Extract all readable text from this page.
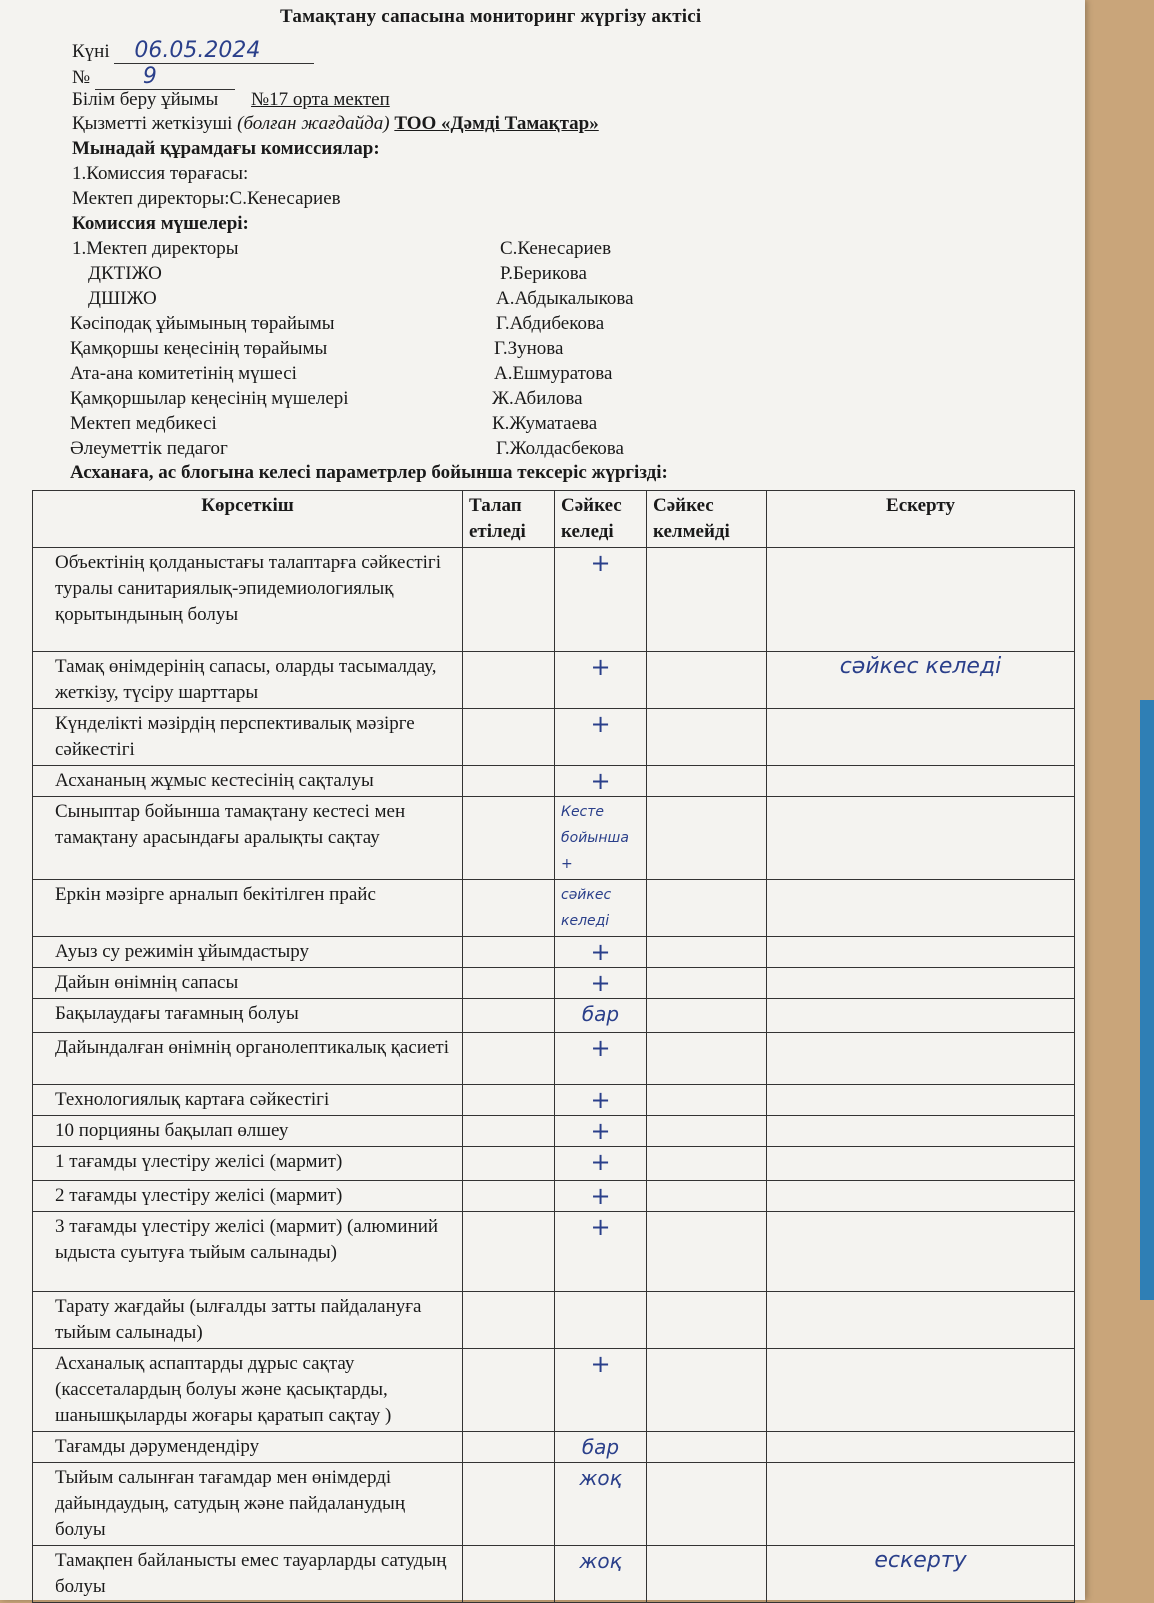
Тамақтану сапасына мониторинг жүргізу актісі
Күні 06.05.2024
№ 9
Білім беру ұйымы №17 орта мектеп
Қызметті жеткізуші (болған жағдайда) ТОО «Дәмді Тамақтар»
Мынадай құрамдағы комиссиялар:
1.Комиссия төрағасы:
Мектеп директоры:С.Кенесариев
Комиссия мүшелері:
1.Мектеп директоры	С.Кенесариев
ДКТІЖО	Р.Берикова
ДШІЖО	А.Абдыкалыкова
Кәсіподақ ұйымының төрайымы	Г.Абдибекова
Қамқоршы кеңесінің төрайымы	Г.Зунова
Ата-ана комитетінің мүшесі	А.Ешмуратова
Қамқоршылар кеңесінің мүшелері	Ж.Абилова
Мектеп медбикесі	К.Жуматаева
Әлеуметтік педагог	Г.Жолдасбекова
Асханаға, ас блогына келесі параметрлер бойынша тексеріс жүргізді:
Көрсеткіш	Талап етіледі	Сәйкес келеді	Сәйкес келмейді	Ескерту
Объектінің қолданыстағы талаптарға сәйкестігі туралы санитариялық-эпидемиологиялық қорытындының болуы		+		
Тамақ өнімдерінің сапасы, оларды тасымалдау, жеткізу, түсіру шарттары		+		сәйкес келеді
Күнделікті мәзірдің перспективалық мәзірге сәйкестігі		+		
Асхананың жұмыс кестесінің сақталуы		+		
Сыныптар бойынша тамақтану кестесі мен тамақтану арасындағы аралықты сақтау		Кесте бойынша +		
Еркін мәзірге арналып бекітілген прайс		сәйкес келеді		
Ауыз су режимін ұйымдастыру		+		
Дайын өнімнің сапасы		+		
Бақылаудағы тағамның болуы		бар		
Дайындалған өнімнің органолептикалық қасиеті		+		
Технологиялық картаға сәйкестігі		+		
10 порцияны бақылап өлшеу		+		
1 тағамды үлестіру желісі (мармит)		+		
2 тағамды үлестіру желісі (мармит)		+		
3 тағамды үлестіру желісі (мармит) (алюминий ыдыста суытуға тыйым салынады)		+		
Тарату жағдайы (ылғалды затты пайдалануға тыйым салынады)				
Асханалық аспаптарды дұрыс сақтау (кассеталардың болуы және қасықтарды, шанышқыларды жоғары қаратып сақтау )		+		
Тағамды дәрумендендіру		бар		
Тыйым салынған тағамдар мен өнімдерді дайындаудың, сатудың және пайдаланудың болуы		жоқ		
Тамақпен байланысты емес тауарларды сатудың болуы		жоқ		ескерту
